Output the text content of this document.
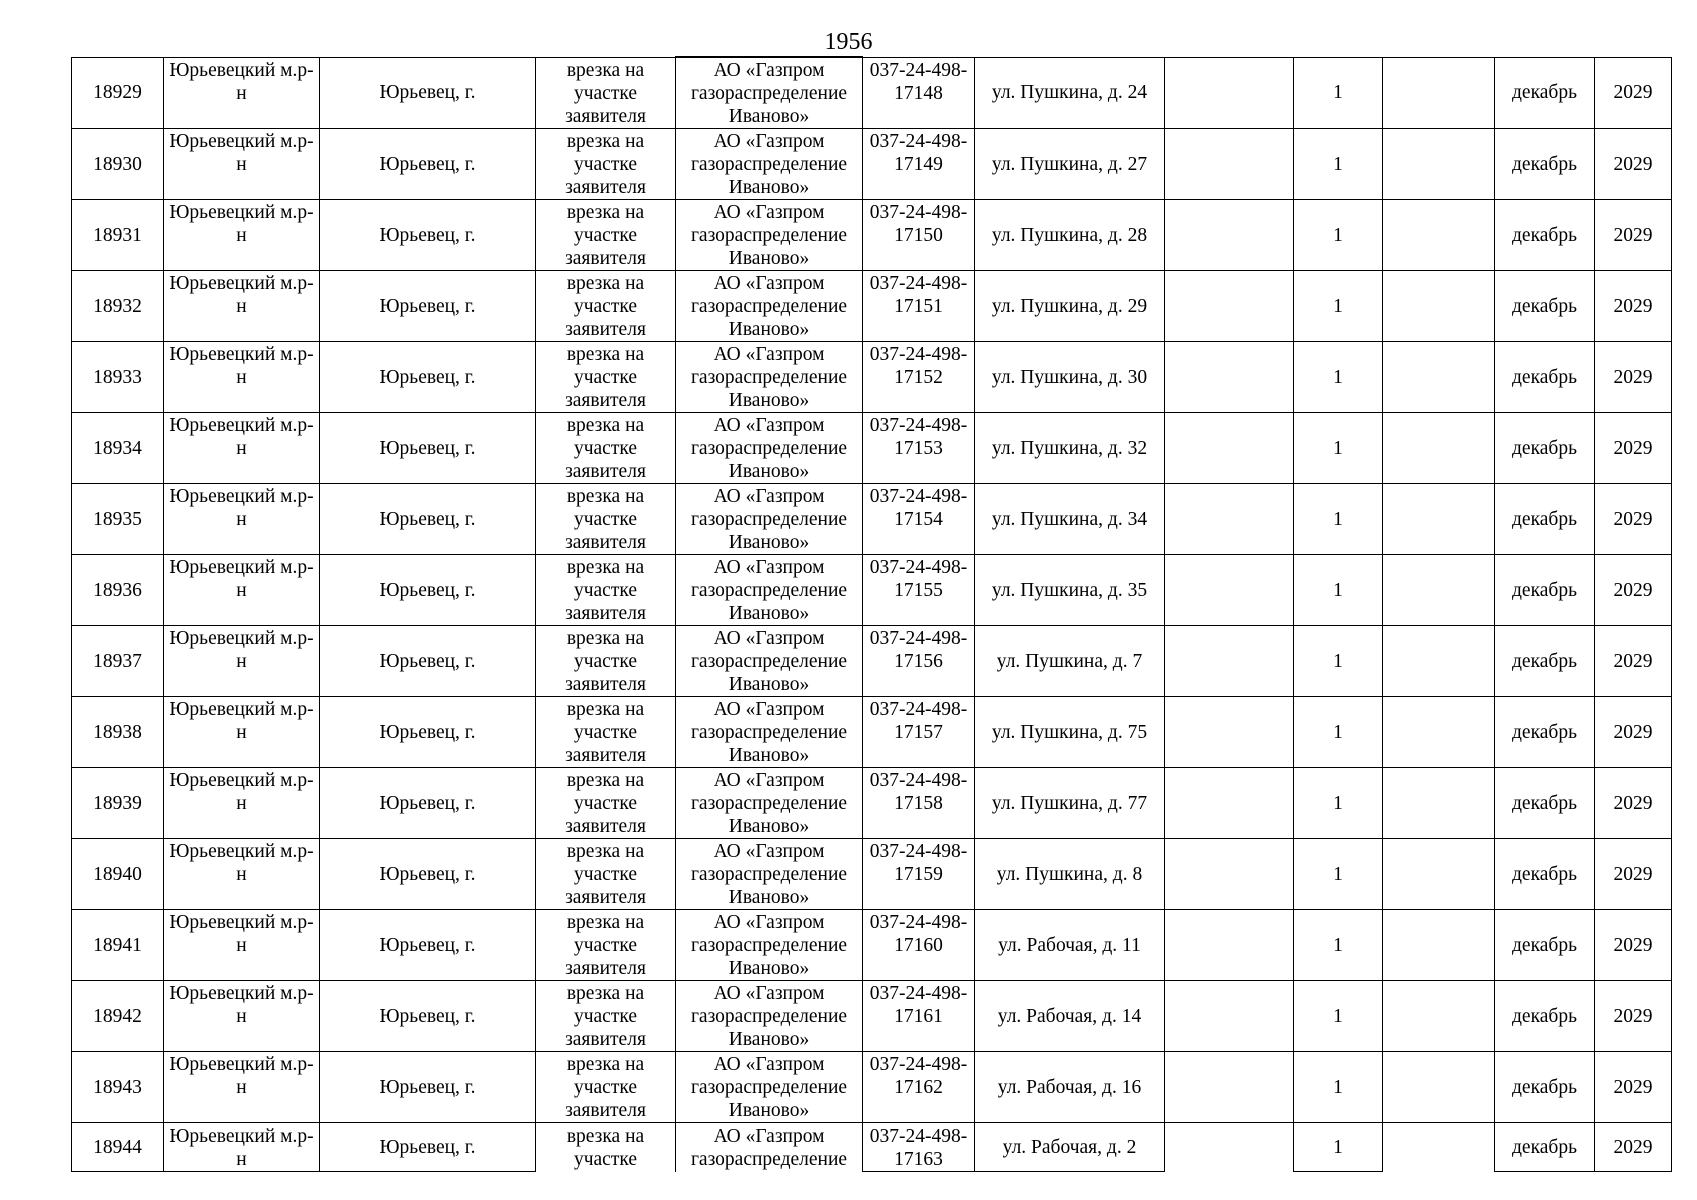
1956
18929	Юрьевецкий м.р-н	Юрьевец, г.	врезка на участке заявителя	АО «Газпром газораспределение Иваново»	037-24-498-17148	ул. Пушкина, д. 24		1		декабрь	2029
18930	Юрьевецкий м.р-н	Юрьевец, г.	врезка на участке заявителя	АО «Газпром газораспределение Иваново»	037-24-498-17149	ул. Пушкина, д. 27		1		декабрь	2029
18931	Юрьевецкий м.р-н	Юрьевец, г.	врезка на участке заявителя	АО «Газпром газораспределение Иваново»	037-24-498-17150	ул. Пушкина, д. 28		1		декабрь	2029
18932	Юрьевецкий м.р-н	Юрьевец, г.	врезка на участке заявителя	АО «Газпром газораспределение Иваново»	037-24-498-17151	ул. Пушкина, д. 29		1		декабрь	2029
18933	Юрьевецкий м.р-н	Юрьевец, г.	врезка на участке заявителя	АО «Газпром газораспределение Иваново»	037-24-498-17152	ул. Пушкина, д. 30		1		декабрь	2029
18934	Юрьевецкий м.р-н	Юрьевец, г.	врезка на участке заявителя	АО «Газпром газораспределение Иваново»	037-24-498-17153	ул. Пушкина, д. 32		1		декабрь	2029
18935	Юрьевецкий м.р-н	Юрьевец, г.	врезка на участке заявителя	АО «Газпром газораспределение Иваново»	037-24-498-17154	ул. Пушкина, д. 34		1		декабрь	2029
18936	Юрьевецкий м.р-н	Юрьевец, г.	врезка на участке заявителя	АО «Газпром газораспределение Иваново»	037-24-498-17155	ул. Пушкина, д. 35		1		декабрь	2029
18937	Юрьевецкий м.р-н	Юрьевец, г.	врезка на участке заявителя	АО «Газпром газораспределение Иваново»	037-24-498-17156	ул. Пушкина, д. 7		1		декабрь	2029
18938	Юрьевецкий м.р-н	Юрьевец, г.	врезка на участке заявителя	АО «Газпром газораспределение Иваново»	037-24-498-17157	ул. Пушкина, д. 75		1		декабрь	2029
18939	Юрьевецкий м.р-н	Юрьевец, г.	врезка на участке заявителя	АО «Газпром газораспределение Иваново»	037-24-498-17158	ул. Пушкина, д. 77		1		декабрь	2029
18940	Юрьевецкий м.р-н	Юрьевец, г.	врезка на участке заявителя	АО «Газпром газораспределение Иваново»	037-24-498-17159	ул. Пушкина, д. 8		1		декабрь	2029
18941	Юрьевецкий м.р-н	Юрьевец, г.	врезка на участке заявителя	АО «Газпром газораспределение Иваново»	037-24-498-17160	ул. Рабочая, д. 11		1		декабрь	2029
18942	Юрьевецкий м.р-н	Юрьевец, г.	врезка на участке заявителя	АО «Газпром газораспределение Иваново»	037-24-498-17161	ул. Рабочая, д. 14		1		декабрь	2029
18943	Юрьевецкий м.р-н	Юрьевец, г.	врезка на участке заявителя	АО «Газпром газораспределение Иваново»	037-24-498-17162	ул. Рабочая, д. 16		1		декабрь	2029
18944	Юрьевецкий м.р-н	Юрьевец, г.	врезка на участке	АО «Газпром газораспределение	037-24-498-17163	ул. Рабочая, д. 2		1		декабрь	2029
